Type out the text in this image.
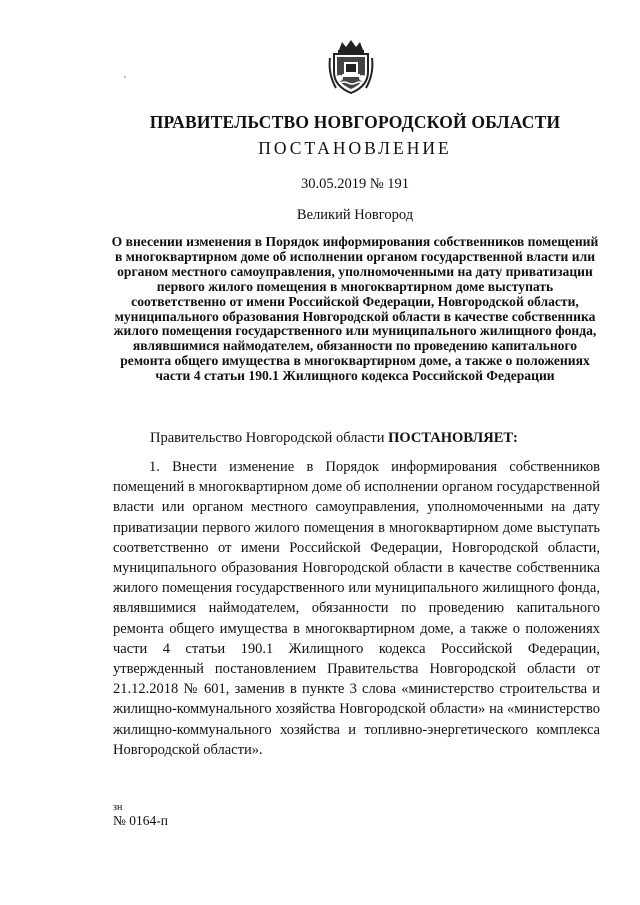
ПРАВИТЕЛЬСТВО НОВГОРОДСКОЙ ОБЛАСТИ
ПОСТАНОВЛЕНИЕ
30.05.2019 № 191
Великий Новгород
О внесении изменения в Порядок информирования собственников помещений в многоквартирном доме об исполнении органом государственной власти или органом местного самоуправления, уполномоченными на дату приватизации первого жилого помещения в многоквартирном доме выступать соответственно от имени Российской Федерации, Новгородской области, муниципального образования Новгородской области в качестве собственника жилого помещения государственного или муниципального жилищного фонда, являвшимися наймодателем, обязанности по проведению капитального ремонта общего имущества в многоквартирном доме, а также о положениях части 4 статьи 190.1 Жилищного кодекса Российской Федерации
Правительство Новгородской области ПОСТАНОВЛЯЕТ:
1. Внести изменение в Порядок информирования собственников помещений в многоквартирном доме об исполнении органом государственной власти или органом местного самоуправления, уполномоченными на дату приватизации первого жилого помещения в многоквартирном доме выступать соответственно от имени Российской Федерации, Новгородской области, муниципального образования Новгородской области в качестве собственника жилого помещения государственного или муниципального жилищного фонда, являвшимися наймодателем, обязанности по проведению капитального ремонта общего имущества в многоквартирном доме, а также о положениях части 4 статьи 190.1 Жилищного кодекса Российской Федерации, утвержденный постановлением Правительства Новгородской области от 21.12.2018 № 601, заменив в пункте 3 слова «министерство строительства и жилищно-коммунального хозяйства Новгородской области» на «министерство жилищно-коммунального хозяйства и топливно-энергетического комплекса Новгородской области».
зн
№ 0164-п
